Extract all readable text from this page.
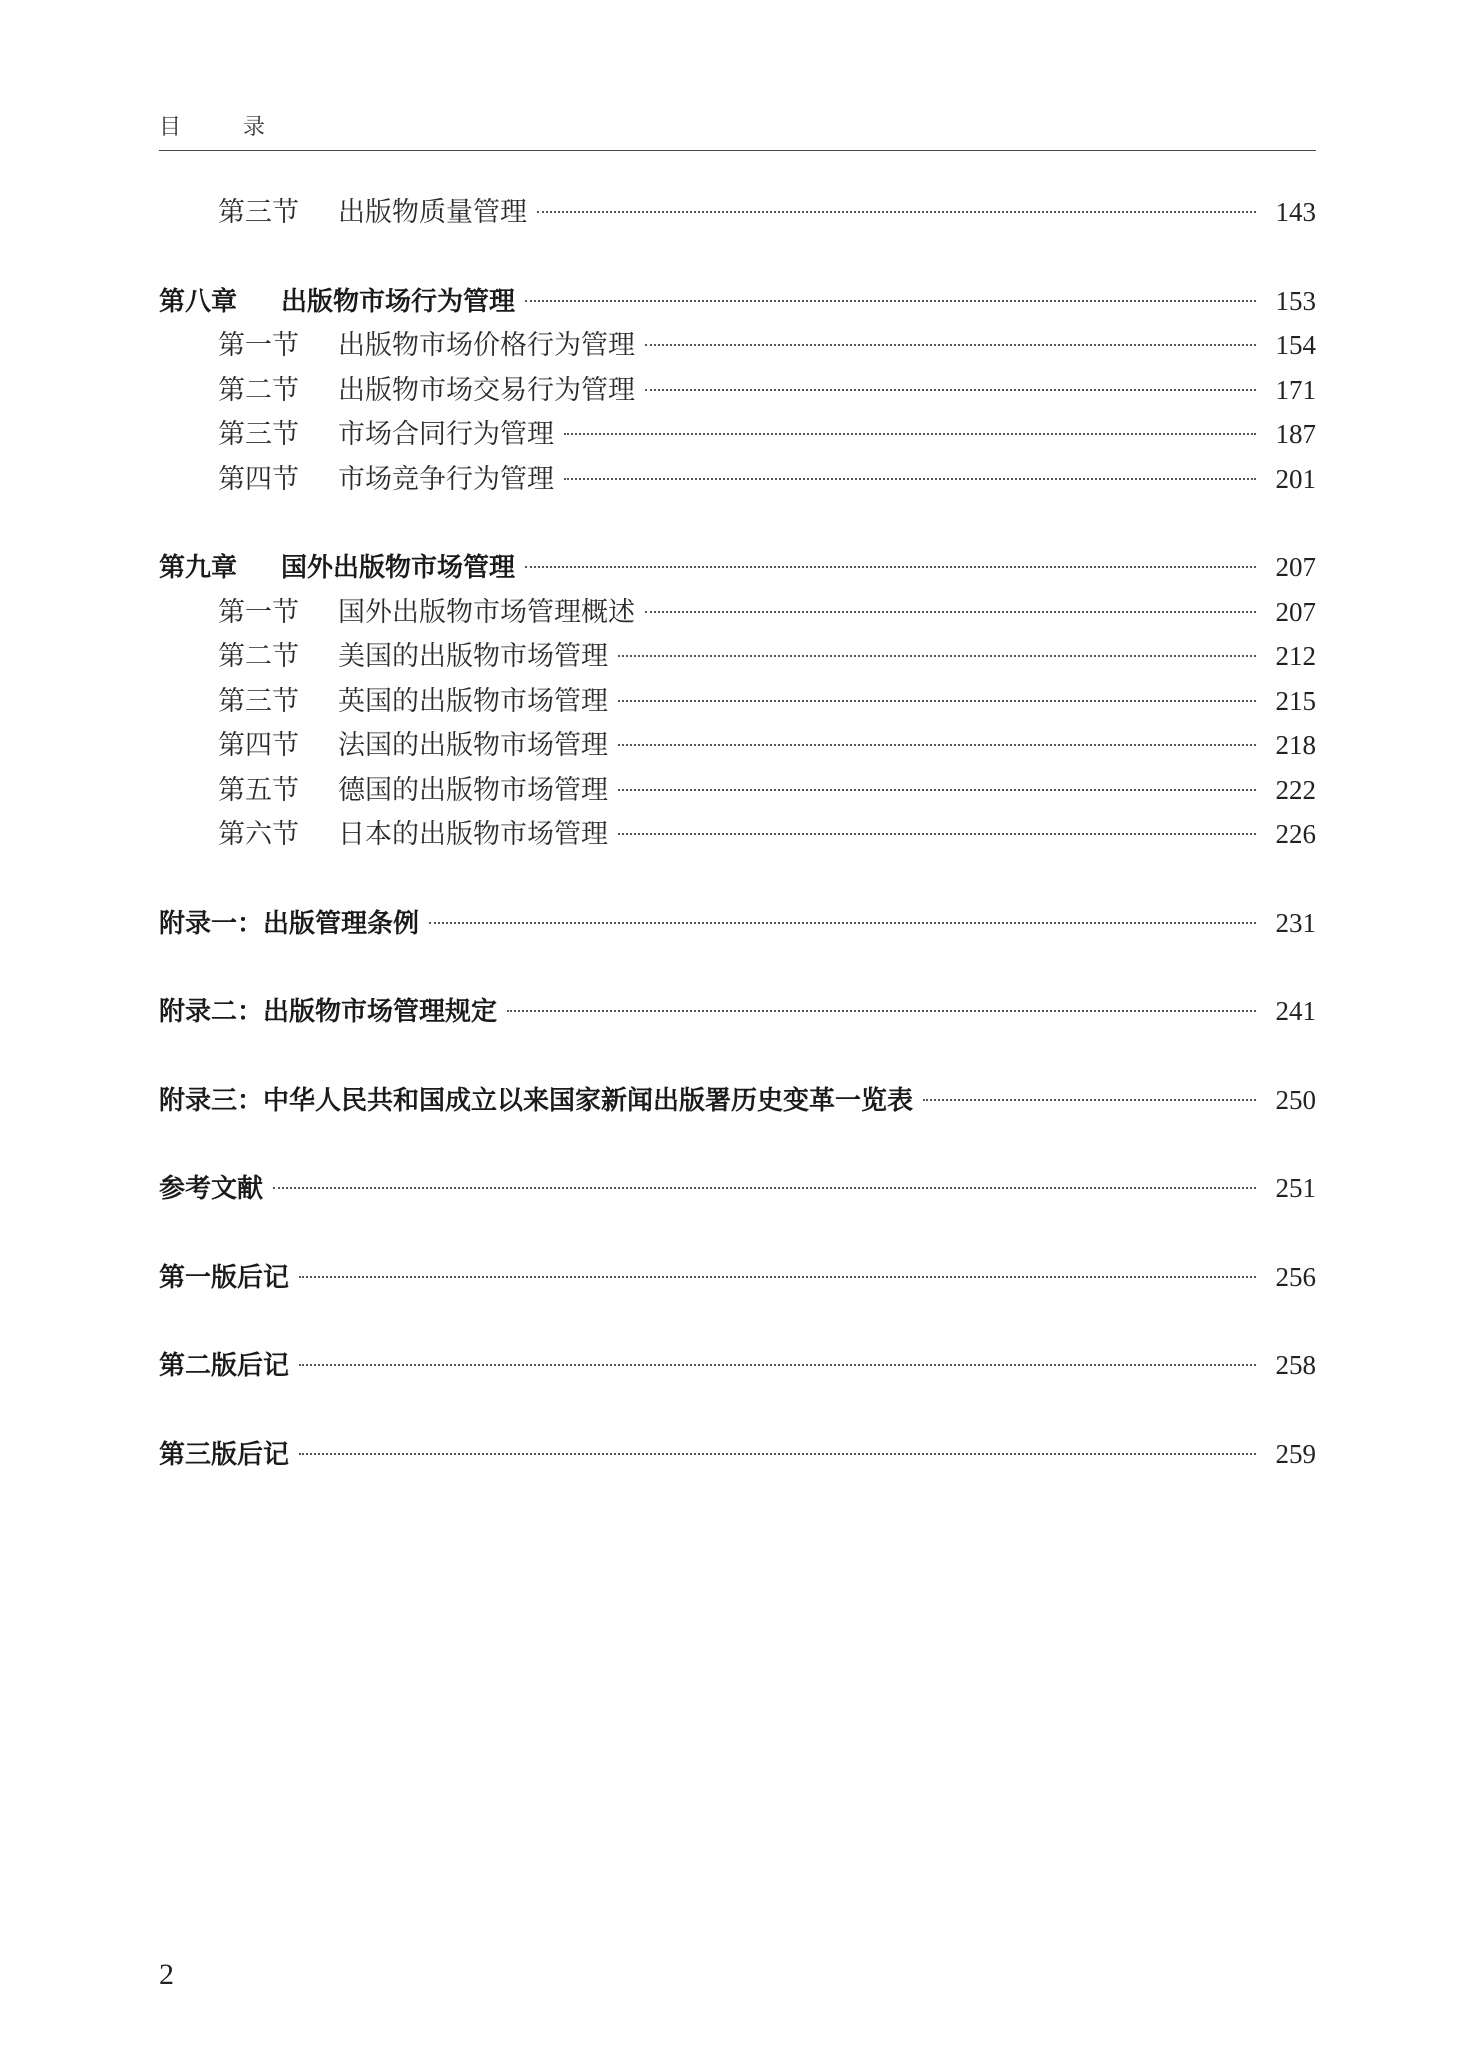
目　录
第三节 出版物质量管理	143
第八章 出版物市场行为管理	153
第一节 出版物市场价格行为管理	154
第二节 出版物市场交易行为管理	171
第三节 市场合同行为管理	187
第四节 市场竞争行为管理	201
第九章 国外出版物市场管理	207
第一节 国外出版物市场管理概述	207
第二节 美国的出版物市场管理	212
第三节 英国的出版物市场管理	215
第四节 法国的出版物市场管理	218
第五节 德国的出版物市场管理	222
第六节 日本的出版物市场管理	226
附录一：出版管理条例	231
附录二：出版物市场管理规定	241
附录三：中华人民共和国成立以来国家新闻出版署历史变革一览表	250
参考文献	251
第一版后记	256
第二版后记	258
第三版后记	259
2
